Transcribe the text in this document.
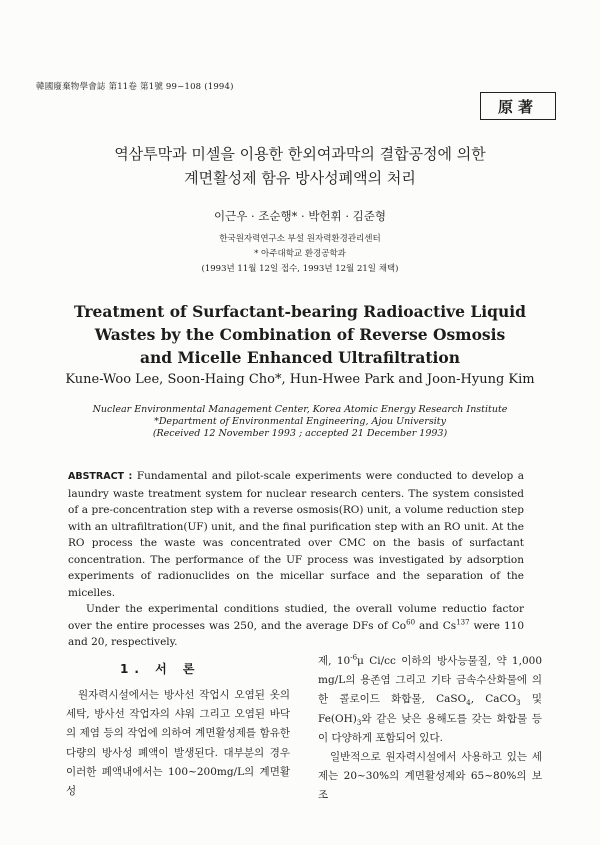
韓國廢棄物學會誌 第11卷 第1號 99~108 (1994)
原著
역삼투막과 미셀을 이용한 한외여과막의 결합공정에 의한
계면활성제 함유 방사성폐액의 처리
이근우 · 조순행* · 박헌휘 · 김준형
한국원자력연구소 부설 원자력환경관리센터
* 아주대학교 환경공학과
(1993년 11월 12일 접수, 1993년 12월 21일 채택)
Treatment of Surfactant-bearing Radioactive Liquid
Wastes by the Combination of Reverse Osmosis
and Micelle Enhanced Ultrafiltration
Kune-Woo Lee, Soon-Haing Cho*, Hun-Hwee Park and Joon-Hyung Kim
Nuclear Environmental Management Center, Korea Atomic Energy Research Institute
*Department of Environmental Engineering, Ajou University
(Received 12 November 1993 ; accepted 21 December 1993)

ABSTRACT : Fundamental and pilot-scale experiments were conducted to develop a laundry waste treatment system for nuclear research centers. The system consisted of a pre-concentration step with a reverse osmosis(RO) unit, a volume reduction step with an ultrafiltration(UF) unit, and the final purification step with an RO unit. At the RO process the waste was concentrated over CMC on the basis of surfactant concentration. The performance of the UF process was investigated by adsorption experiments of radionuclides on the micellar surface and the separation of the micelles.

Under the experimental conditions studied, the overall volume reductio factor over the entire processes was 250, and the average DFs of Co$^{60}$ and Cs$^{137}$ were 110 and 20, respectively.

1. 서 론

원자력시설에서는 방사선 작업시 오염된 옷의 세탁, 방사선 작업자의 샤워 그리고 오염된 바닥의 제염 등의 작업에 의하여 계면활성제를 함유한 다량의 방사성 폐액이 발생된다. 대부분의 경우 이러한 폐액내에서는 100~200mg/L의 계면활성

제, $10^{-6}\mu$ Ci/cc 이하의 방사능물질, 약 1,000 mg/L의 용존염 그리고 기타 금속수산화물에 의한 콜로이드 화합물, CaSO$_4$, CaCO$_3$ 및 $Fe(OH)_3$와 같은 낮은 용해도를 갖는 화합물 등이 다양하게 포함되어 있다.

일반적으로 원자력시설에서 사용하고 있는 세제는 20~30%의 계면활성제와 65~80%의 보조
